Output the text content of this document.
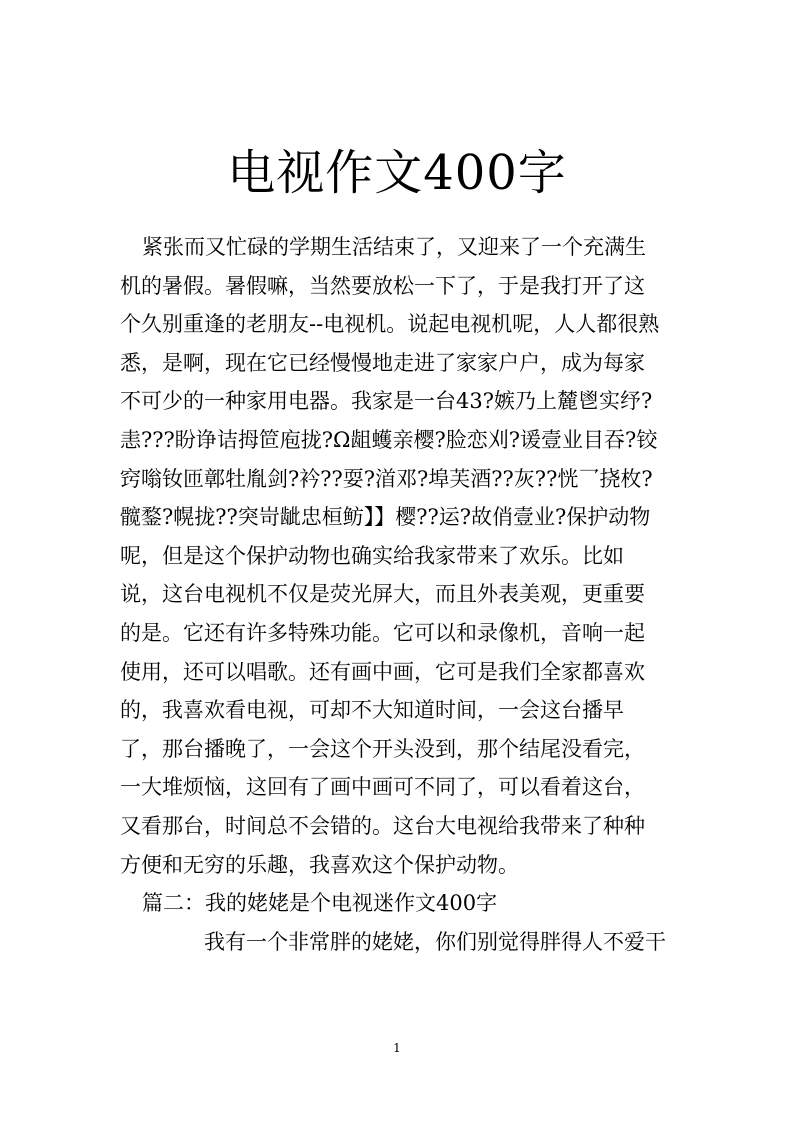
电视作文400字
紧张而又忙碌的学期生活结束了，又迎来了一个充满生
机的暑假。暑假嘛，当然要放松一下了，于是我打开了这
个久别重逢的老朋友--电视机。说起电视机呢，人人都很熟
悉，是啊，现在它已经慢慢地走进了家家户户，成为每家
不可少的一种家用电器。我家是一台43?嫉乃上麓鬯实纾?
恚???盼诤诘拇笸庖拢?Ω龃蠖亲樱?脸恋刈?谖壹业目吞?铰
窍嗡钕匝鄣牡胤剑?衿??耍?渞邓?埠芙酒??灰??恍乛挠枚?
髋鍪?幌拢??突岢龇忠桓鲂】】樱??运?故俏壹业?保护动物
呢，但是这个保护动物也确实给我家带来了欢乐。比如
说，这台电视机不仅是荧光屏大，而且外表美观，更重要
的是。它还有许多特殊功能。它可以和录像机，音响一起
使用，还可以唱歌。还有画中画，它可是我们全家都喜欢
的，我喜欢看电视，可却不大知道时间，一会这台播早
了，那台播晚了，一会这个开头没到，那个结尾没看完，
一大堆烦恼，这回有了画中画可不同了，可以看着这台，
又看那台，时间总不会错的。这台大电视给我带来了种种
方便和无穷的乐趣，我喜欢这个保护动物。
篇二：我的姥姥是个电视迷作文400字
我有一个非常胖的姥姥，你们别觉得胖得人不爱干
1
